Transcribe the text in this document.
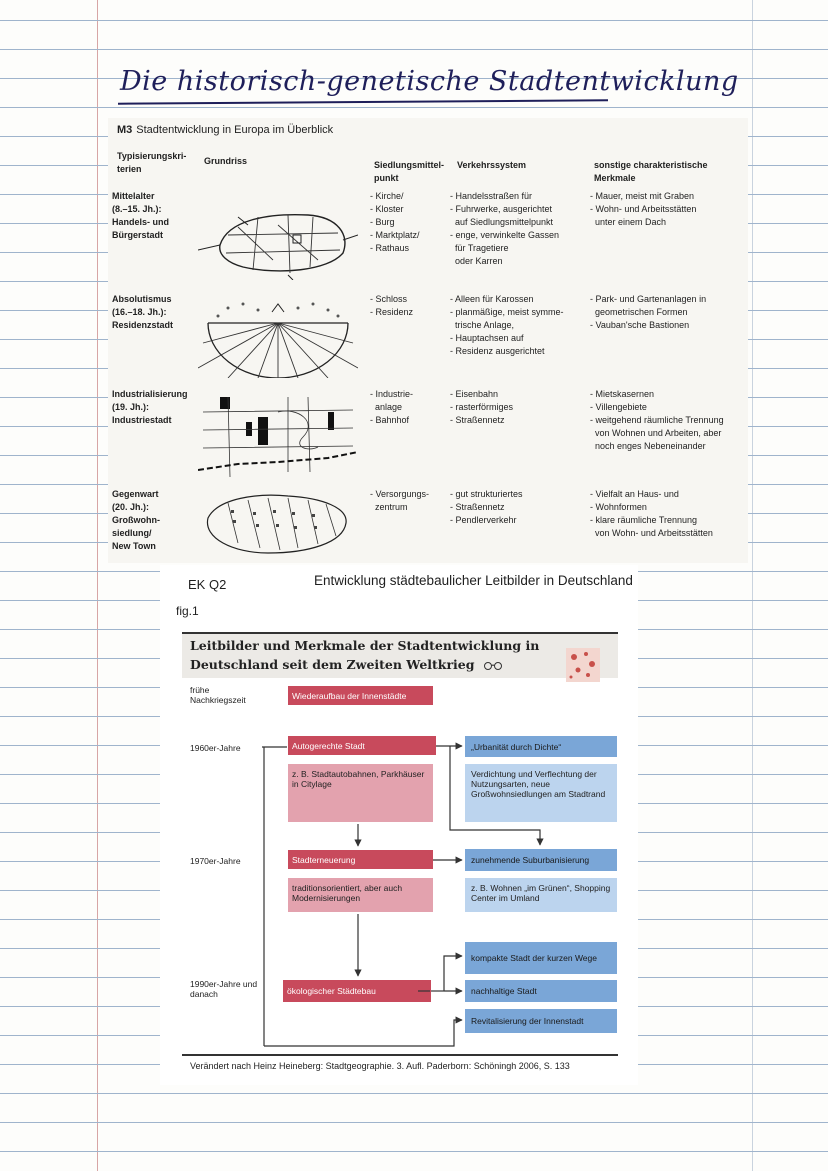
Die historisch-genetische Stadtentwicklung
M3 Stadtentwicklung in Europa im Überblick
Typisierungskri-terien
Grundriss	Siedlungsmittel-punkt
Verkehrssystem	sonstige charakteristische Merkmale
Mittelalter
(8.–15. Jh.):
Handels- und
Bürgerstadt
- Kirche/
- Kloster
- Burg
- Marktplatz/
- Rathaus
- Handelsstraßen für
- Fuhrwerke, ausgerichtet
auf Siedlungsmittelpunkt
- enge, verwinkelte Gassen
für Tragetiere
oder Karren
- Mauer, meist mit Graben
- Wohn- und Arbeitsstätten
unter einem Dach
Absolutismus
(16.–18. Jh.):
Residenzstadt
- Schloss
- Residenz
- Alleen für Karossen
- planmäßige, meist symme-
trische Anlage,
- Hauptachsen auf
- Residenz ausgerichtet
- Park- und Gartenanlagen in
geometrischen Formen
- Vauban'sche Bastionen
Industrialisierung
(19. Jh.):
Industriestadt
- Industrie-
anlage
- Bahnhof
- Eisenbahn
- rasterförmiges
- Straßennetz
- Mietskasernen
- Villengebiete
- weitgehend räumliche Trennung
von Wohnen und Arbeiten, aber
noch enges Nebeneinander
Gegenwart
(20. Jh.):
Großwohn-
siedlung/
New Town
- Versorgungs-
zentrum
- gut strukturiertes
- Straßennetz
- Pendlerverkehr
- Vielfalt an Haus- und
- Wohnformen
- klare räumliche Trennung
von Wohn- und Arbeitsstätten
EK Q2
fig.1
Entwicklung städtebaulicher Leitbilder in Deutschland
Leitbilder und Merkmale der Stadtentwicklung in Deutschland seit dem Zweiten Weltkrieg
frühe Nachkriegszeit
1960er-Jahre
1970er-Jahre
1990er-Jahre und danach
Wiederaufbau der Innenstädte
Autogerechte Stadt
z. B. Stadtautobahnen, Parkhäuser in Citylage
Stadterneuerung
traditionsorientiert, aber auch Modernisierungen
ökologischer Städtebau
„Urbanität durch Dichte“
Verdichtung und Verflechtung der Nutzungsarten, neue Großwohnsiedlungen am Stadtrand
zunehmende Suburbanisierung
z. B. Wohnen „im Grünen“, Shopping Center im Umland
kompakte Stadt der kurzen Wege
nachhaltige Stadt
Revitalisierung der Innenstadt
Verändert nach Heinz Heineberg: Stadtgeographie. 3. Aufl. Paderborn: Schöningh 2006, S. 133
